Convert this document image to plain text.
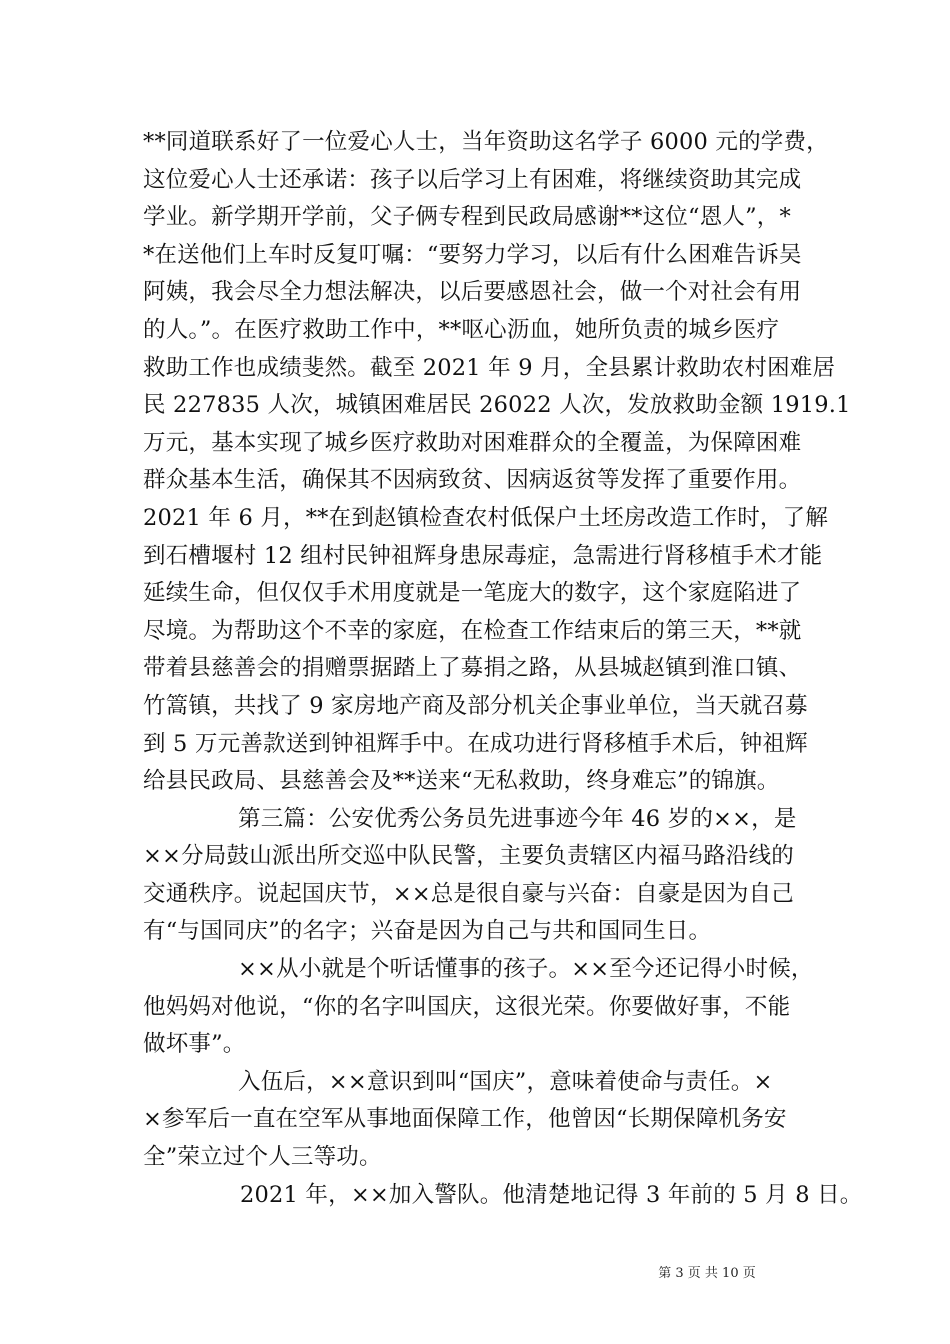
**同道联系好了一位爱心人士，当年资助这名学子 6000 元的学费，
这位爱心人士还承诺：孩子以后学习上有困难，将继续资助其完成
学业。新学期开学前，父子俩专程到民政局感谢**这位“恩人”，*
*在送他们上车时反复叮嘱：“要努力学习，以后有什么困难告诉吴
阿姨，我会尽全力想法解决，以后要感恩社会，做一个对社会有用
的人。”。在医疗救助工作中，**呕心沥血，她所负责的城乡医疗
救助工作也成绩斐然。截至 2021 年 9 月，全县累计救助农村困难居
民 227835 人次，城镇困难居民 26022 人次，发放救助金额 1919.1
万元，基本实现了城乡医疗救助对困难群众的全覆盖，为保障困难
群众基本生活，确保其不因病致贫、因病返贫等发挥了重要作用。
2021 年 6 月，**在到赵镇检查农村低保户土坯房改造工作时，了解
到石槽堰村 12 组村民钟祖辉身患尿毒症，急需进行肾移植手术才能
延续生命，但仅仅手术用度就是一笔庞大的数字，这个家庭陷进了
尽境。为帮助这个不幸的家庭，在检查工作结束后的第三天，**就
带着县慈善会的捐赠票据踏上了募捐之路，从县城赵镇到淮口镇、
竹篙镇，共找了 9 家房地产商及部分机关企事业单位，当天就召募
到 5 万元善款送到钟祖辉手中。在成功进行肾移植手术后，钟祖辉
给县民政局、县慈善会及**送来“无私救助，终身难忘”的锦旗。
第三篇：公安优秀公务员先进事迹今年 46 岁的××，是
××分局鼓山派出所交巡中队民警，主要负责辖区内福马路沿线的
交通秩序。说起国庆节，××总是很自豪与兴奋：自豪是因为自己
有“与国同庆”的名字；兴奋是因为自己与共和国同生日。
××从小就是个听话懂事的孩子。××至今还记得小时候，
他妈妈对他说，“你的名字叫国庆，这很光荣。你要做好事，不能
做坏事”。
入伍后，××意识到叫“国庆”，意味着使命与责任。×
×参军后一直在空军从事地面保障工作，他曾因“长期保障机务安
全”荣立过个人三等功。
2021 年，××加入警队。他清楚地记得 3 年前的 5 月 8 日。
第 3 页 共 10 页
